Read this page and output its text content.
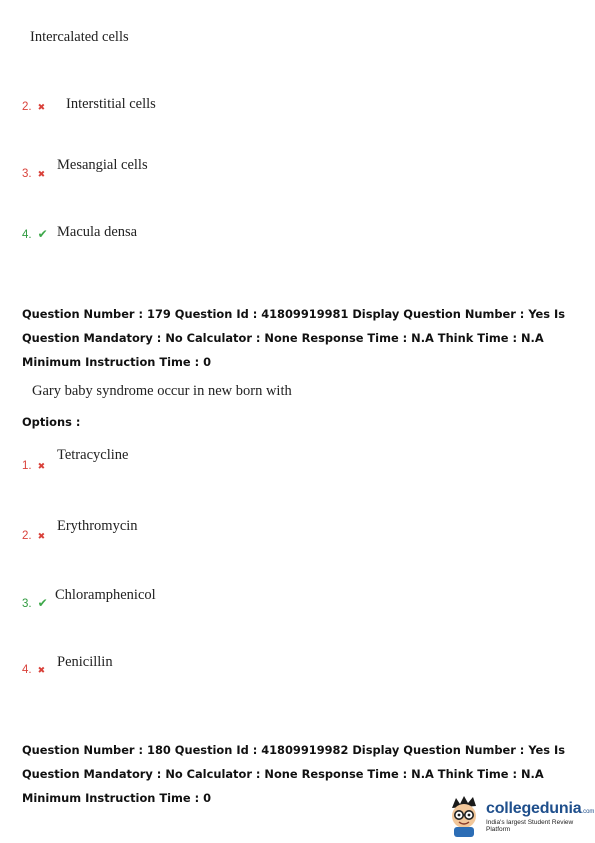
Intercalated cells
2. ✖ Interstitial cells
3. ✖
Mesangial cells
4. ✔ Macula densa
Question Number : 179 Question Id : 41809919981 Display Question Number : Yes Is Question Mandatory : No Calculator : None Response Time : N.A Think Time : N.A Minimum Instruction Time : 0
Gary baby syndrome occur in new born with
Options :
1. ✖
Tetracycline
2. ✖
Erythromycin
3. ✔ Chloramphenicol
4. ✖ Penicillin
Question Number : 180 Question Id : 41809919982 Display Question Number : Yes Is Question Mandatory : No Calculator : None Response Time : N.A Think Time : N.A Minimum Instruction Time : 0
collegedunia.com
India's largest Student Review Platform
